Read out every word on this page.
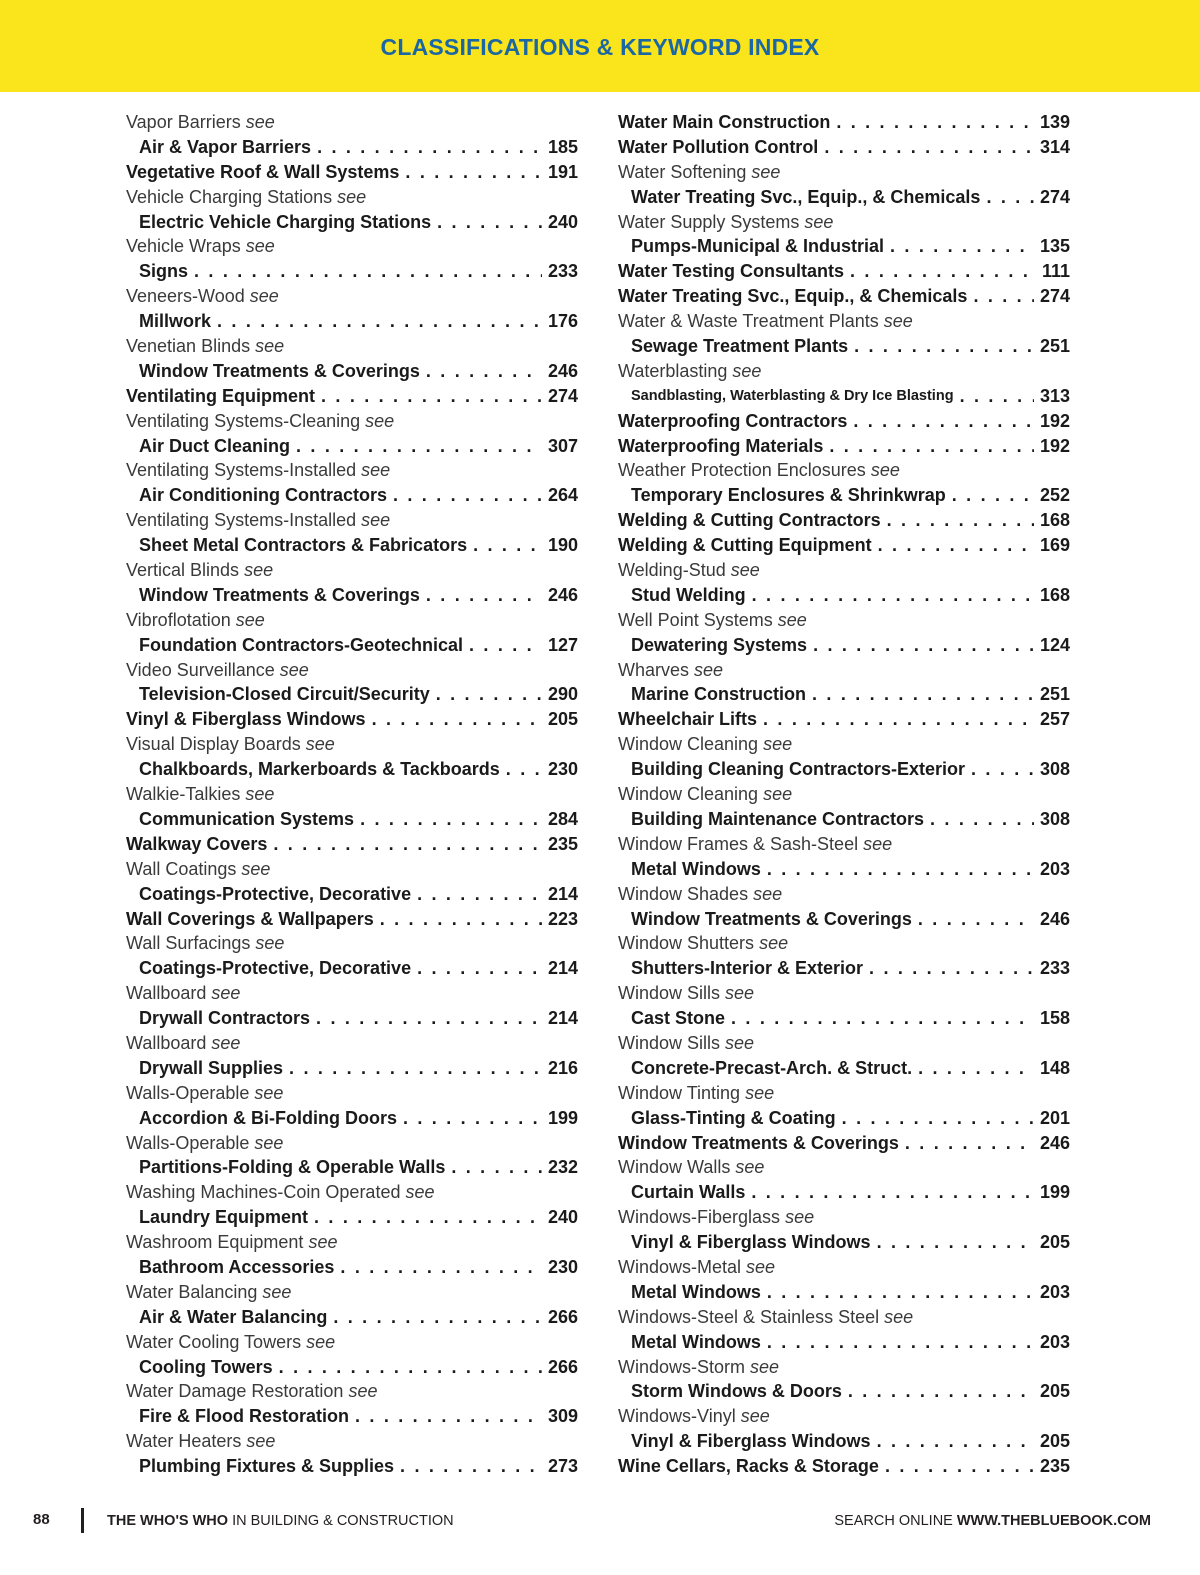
CLASSIFICATIONS & KEYWORD INDEX
Vapor Barriers see
Air & Vapor Barriers . . .	185
Vegetative Roof & Wall Systems . . .	191
Vehicle Charging Stations see
Electric Vehicle Charging Stations . . .	240
Vehicle Wraps see
Signs . . .	233
Veneers-Wood see
Millwork . . .	176
Venetian Blinds see
Window Treatments & Coverings . . .	246
Ventilating Equipment . . .	274
Ventilating Systems-Cleaning see
Air Duct Cleaning . . .	307
Ventilating Systems-Installed see
Air Conditioning Contractors . . .	264
Ventilating Systems-Installed see
Sheet Metal Contractors & Fabricators . . .	190
Vertical Blinds see
Window Treatments & Coverings . . .	246
Vibroflotation see
Foundation Contractors-Geotechnical . . .	127
Video Surveillance see
Television-Closed Circuit/Security . . .	290
Vinyl & Fiberglass Windows . . .	205
Visual Display Boards see
Chalkboards, Markerboards & Tackboards . . .	230
Walkie-Talkies see
Communication Systems . . .	284
Walkway Covers . . .	235
Wall Coatings see
Coatings-Protective, Decorative . . .	214
Wall Coverings & Wallpapers . . .	223
Wall Surfacings see
Coatings-Protective, Decorative . . .	214
Wallboard see
Drywall Contractors . . .	214
Wallboard see
Drywall Supplies . . .	216
Walls-Operable see
Accordion & Bi-Folding Doors . . .	199
Walls-Operable see
Partitions-Folding & Operable Walls . . .	232
Washing Machines-Coin Operated see
Laundry Equipment . . .	240
Washroom Equipment see
Bathroom Accessories . . .	230
Water Balancing see
Air & Water Balancing . . .	266
Water Cooling Towers see
Cooling Towers . . .	266
Water Damage Restoration see
Fire & Flood Restoration . . .	309
Water Heaters see
Plumbing Fixtures & Supplies . . .	273
Water Main Construction . . .	139
Water Pollution Control . . .	314
Water Softening see
Water Treating Svc., Equip., & Chemicals . . .	274
Water Supply Systems see
Pumps-Municipal & Industrial . . .	135
Water Testing Consultants . . .	111
Water Treating Svc., Equip., & Chemicals . . .	274
Water & Waste Treatment Plants see
Sewage Treatment Plants . . .	251
Waterblasting see
Sandblasting, Waterblasting & Dry Ice Blasting . . .	313
Waterproofing Contractors . . .	192
Waterproofing Materials . . .	192
Weather Protection Enclosures see
Temporary Enclosures & Shrinkwrap . . .	252
Welding & Cutting Contractors . . .	168
Welding & Cutting Equipment . . .	169
Welding-Stud see
Stud Welding . . .	168
Well Point Systems see
Dewatering Systems . . .	124
Wharves see
Marine Construction . . .	251
Wheelchair Lifts . . .	257
Window Cleaning see
Building Cleaning Contractors-Exterior . . .	308
Window Cleaning see
Building Maintenance Contractors . . .	308
Window Frames & Sash-Steel see
Metal Windows . . .	203
Window Shades see
Window Treatments & Coverings . . .	246
Window Shutters see
Shutters-Interior & Exterior . . .	233
Window Sills see
Cast Stone . . .	158
Window Sills see
Concrete-Precast-Arch. & Struct. . . .	148
Window Tinting see
Glass-Tinting & Coating . . .	201
Window Treatments & Coverings . . .	246
Window Walls see
Curtain Walls . . .	199
Windows-Fiberglass see
Vinyl & Fiberglass Windows . . .	205
Windows-Metal see
Metal Windows . . .	203
Windows-Steel & Stainless Steel see
Metal Windows . . .	203
Windows-Storm see
Storm Windows & Doors . . .	205
Windows-Vinyl see
Vinyl & Fiberglass Windows . . .	205
Wine Cellars, Racks & Storage . . .	235
88	THE WHO'S WHO IN BUILDING & CONSTRUCTION	SEARCH ONLINE WWW.THEBLUEBOOK.COM
